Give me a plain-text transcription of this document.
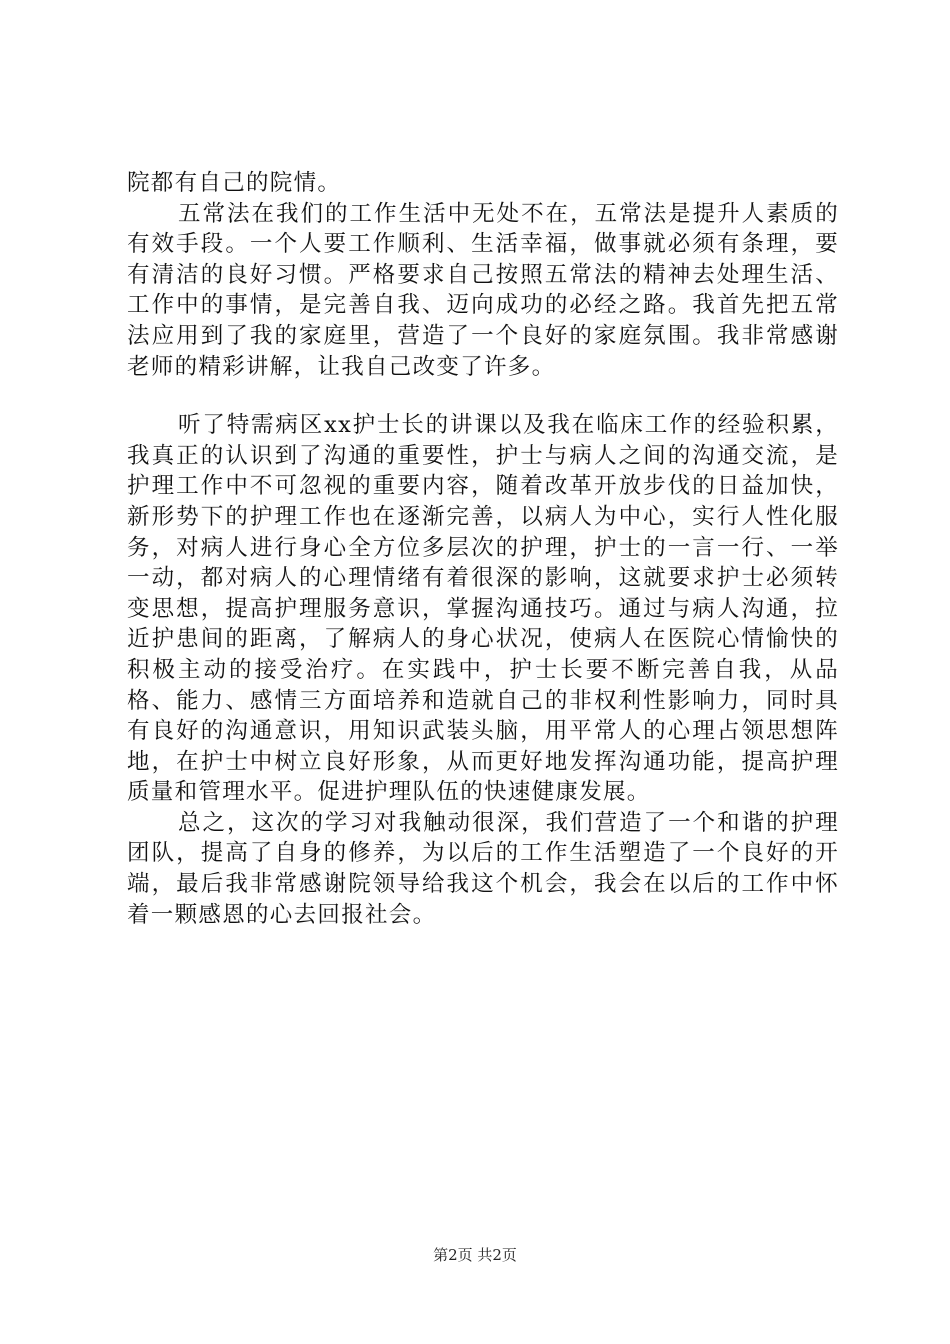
院都有自己的院情。

五常法在我们的工作生活中无处不在，五常法是提升人素质的有效手段。一个人要工作顺利、生活幸福，做事就必须有条理，要有清洁的良好习惯。严格要求自己按照五常法的精神去处理生活、工作中的事情，是完善自我、迈向成功的必经之路。我首先把五常法应用到了我的家庭里，营造了一个良好的家庭氛围。我非常感谢老师的精彩讲解，让我自己改变了许多。

听了特需病区xx护士长的讲课以及我在临床工作的经验积累，我真正的认识到了沟通的重要性，护士与病人之间的沟通交流，是护理工作中不可忽视的重要内容，随着改革开放步伐的日益加快，新形势下的护理工作也在逐渐完善，以病人为中心，实行人性化服务，对病人进行身心全方位多层次的护理，护士的一言一行、一举一动，都对病人的心理情绪有着很深的影响，这就要求护士必须转变思想，提高护理服务意识，掌握沟通技巧。通过与病人沟通，拉近护患间的距离，了解病人的身心状况，使病人在医院心情愉快的积极主动的接受治疗。在实践中，护士长要不断完善自我，从品格、能力、感情三方面培养和造就自己的非权利性影响力，同时具有良好的沟通意识，用知识武装头脑，用平常人的心理占领思想阵地，在护士中树立良好形象，从而更好地发挥沟通功能，提高护理质量和管理水平。促进护理队伍的快速健康发展。

总之，这次的学习对我触动很深，我们营造了一个和谐的护理团队，提高了自身的修养，为以后的工作生活塑造了一个良好的开端，最后我非常感谢院领导给我这个机会，我会在以后的工作中怀着一颗感恩的心去回报社会。

第2页 共2页
